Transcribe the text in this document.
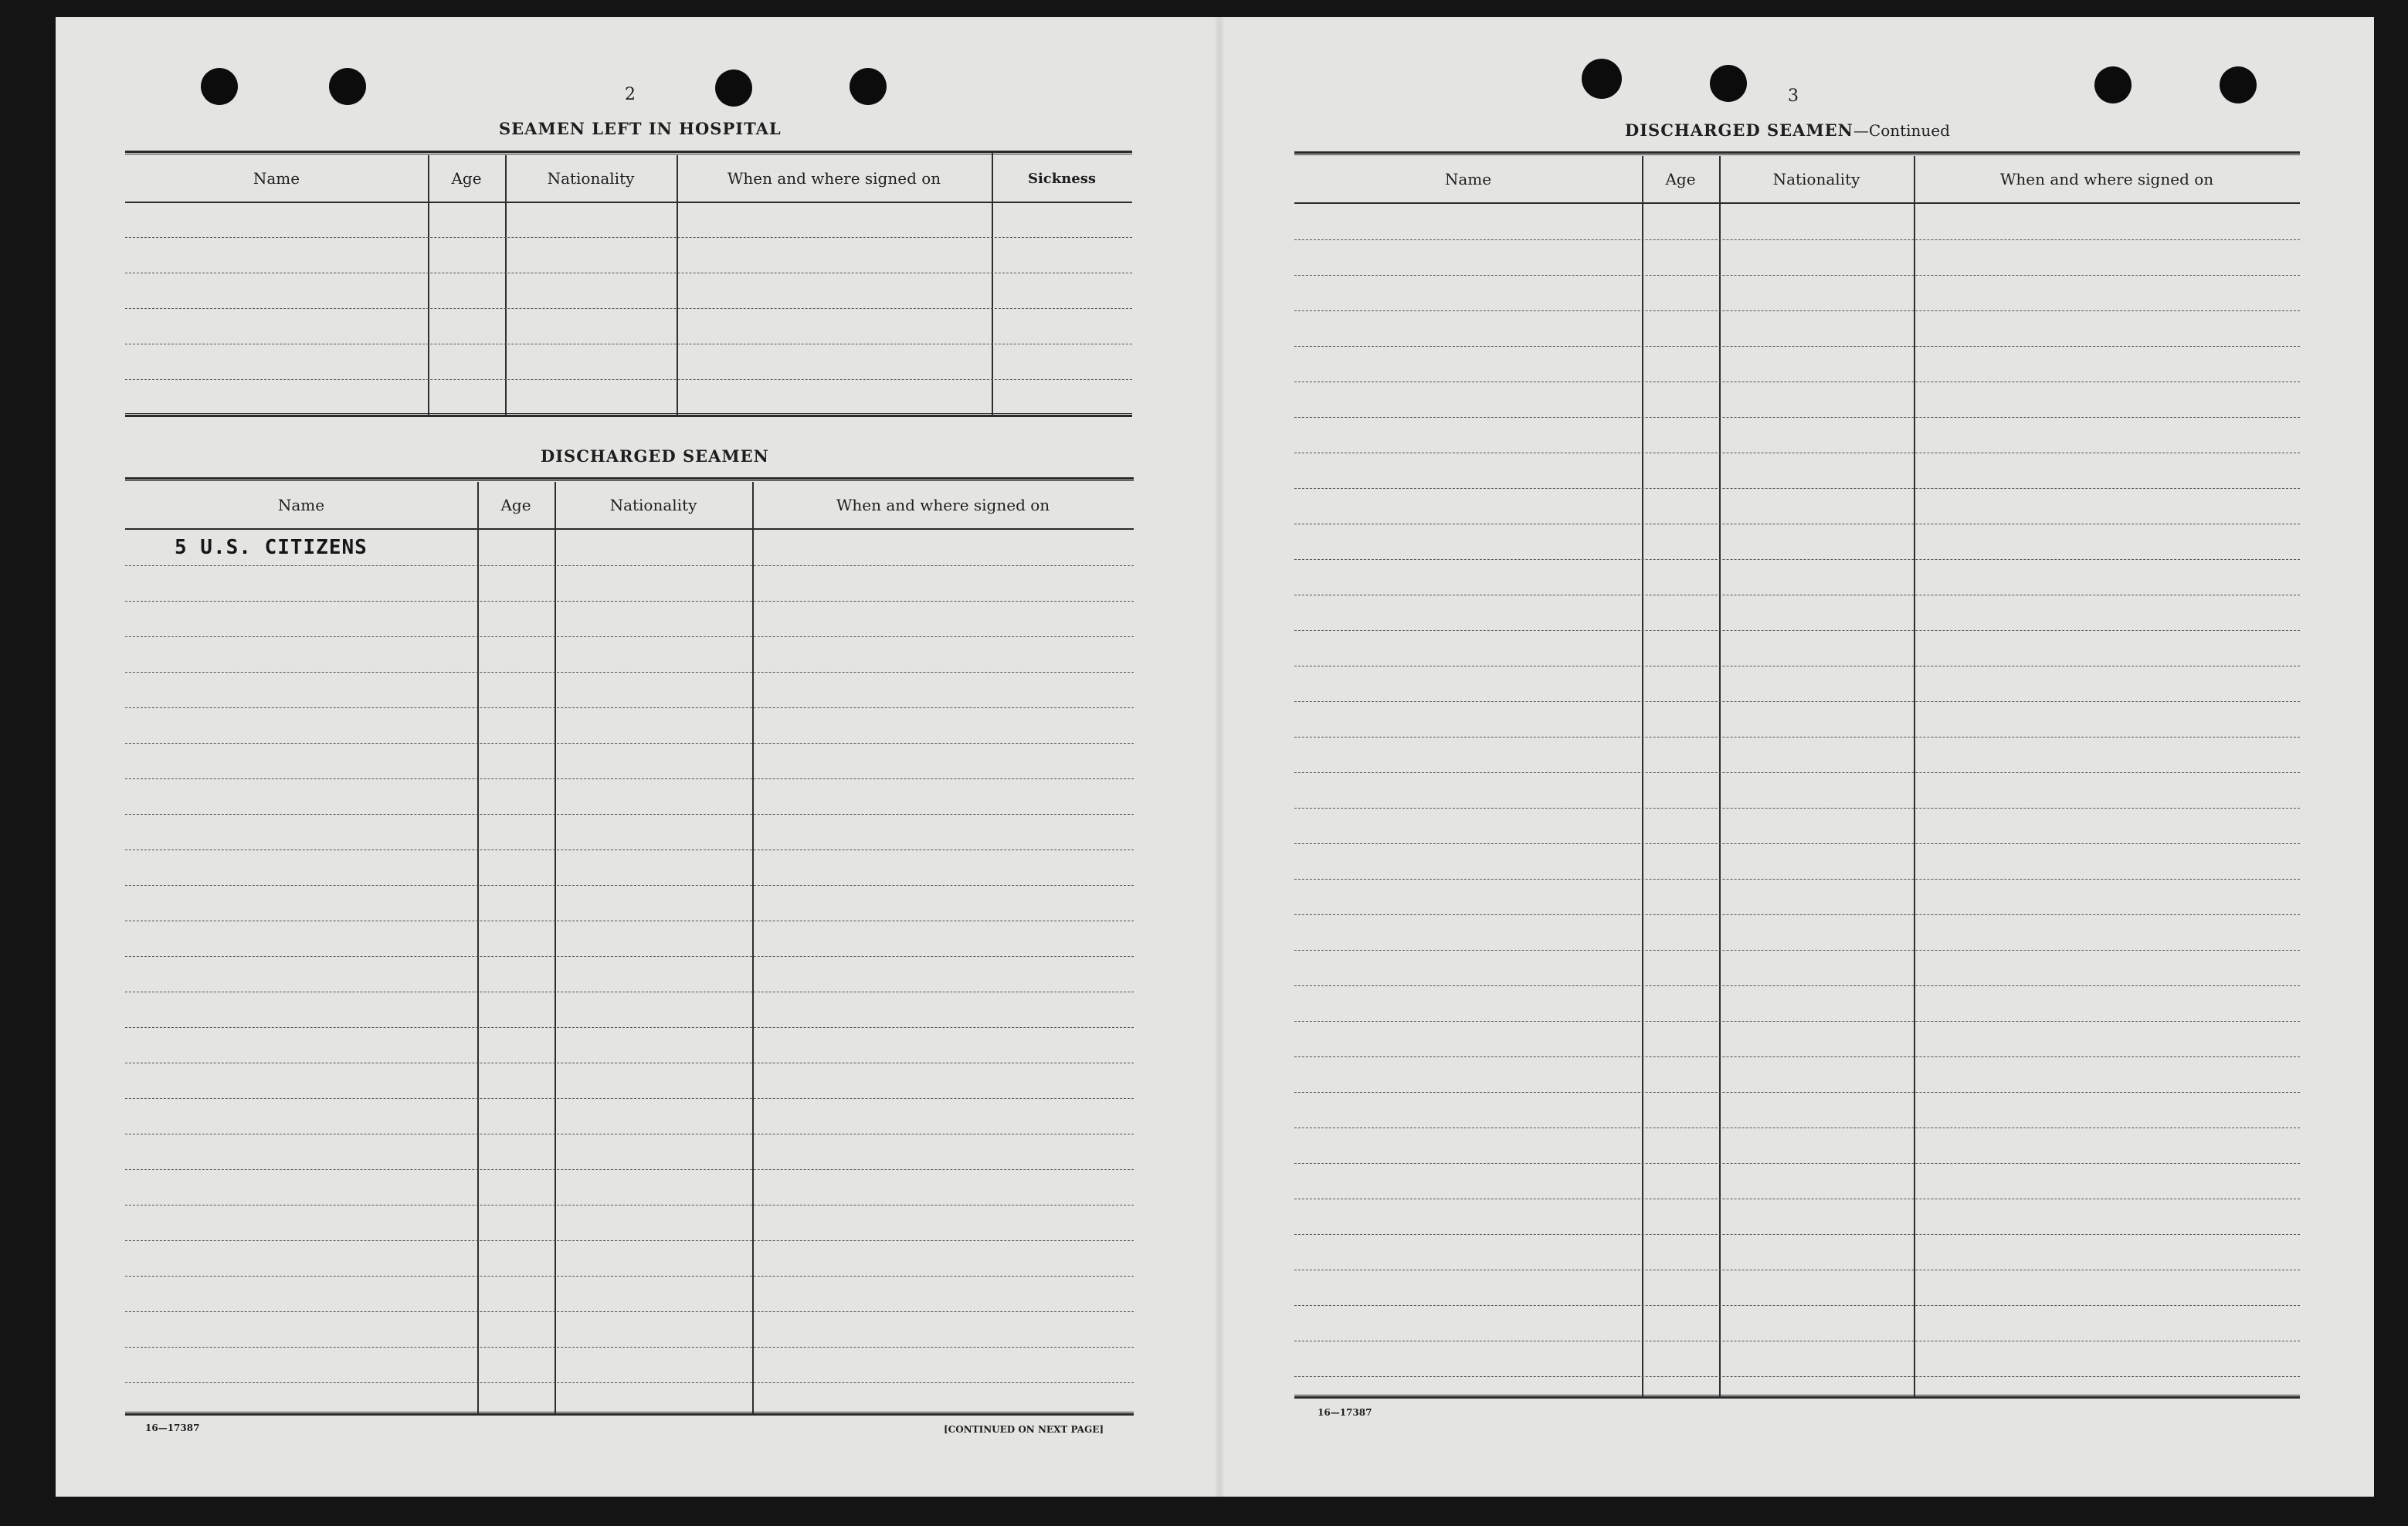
2
SEAMEN LEFT IN HOSPITAL
Name	Age	Nationality	When and where signed on	Sickness
DISCHARGED SEAMEN
Name	Age	Nationality	When and where signed on
5 U.S. CITIZENS
16—17387	[CONTINUED ON NEXT PAGE]
3
DISCHARGED SEAMEN—Continued
Name	Age	Nationality	When and where signed on
16—17387
